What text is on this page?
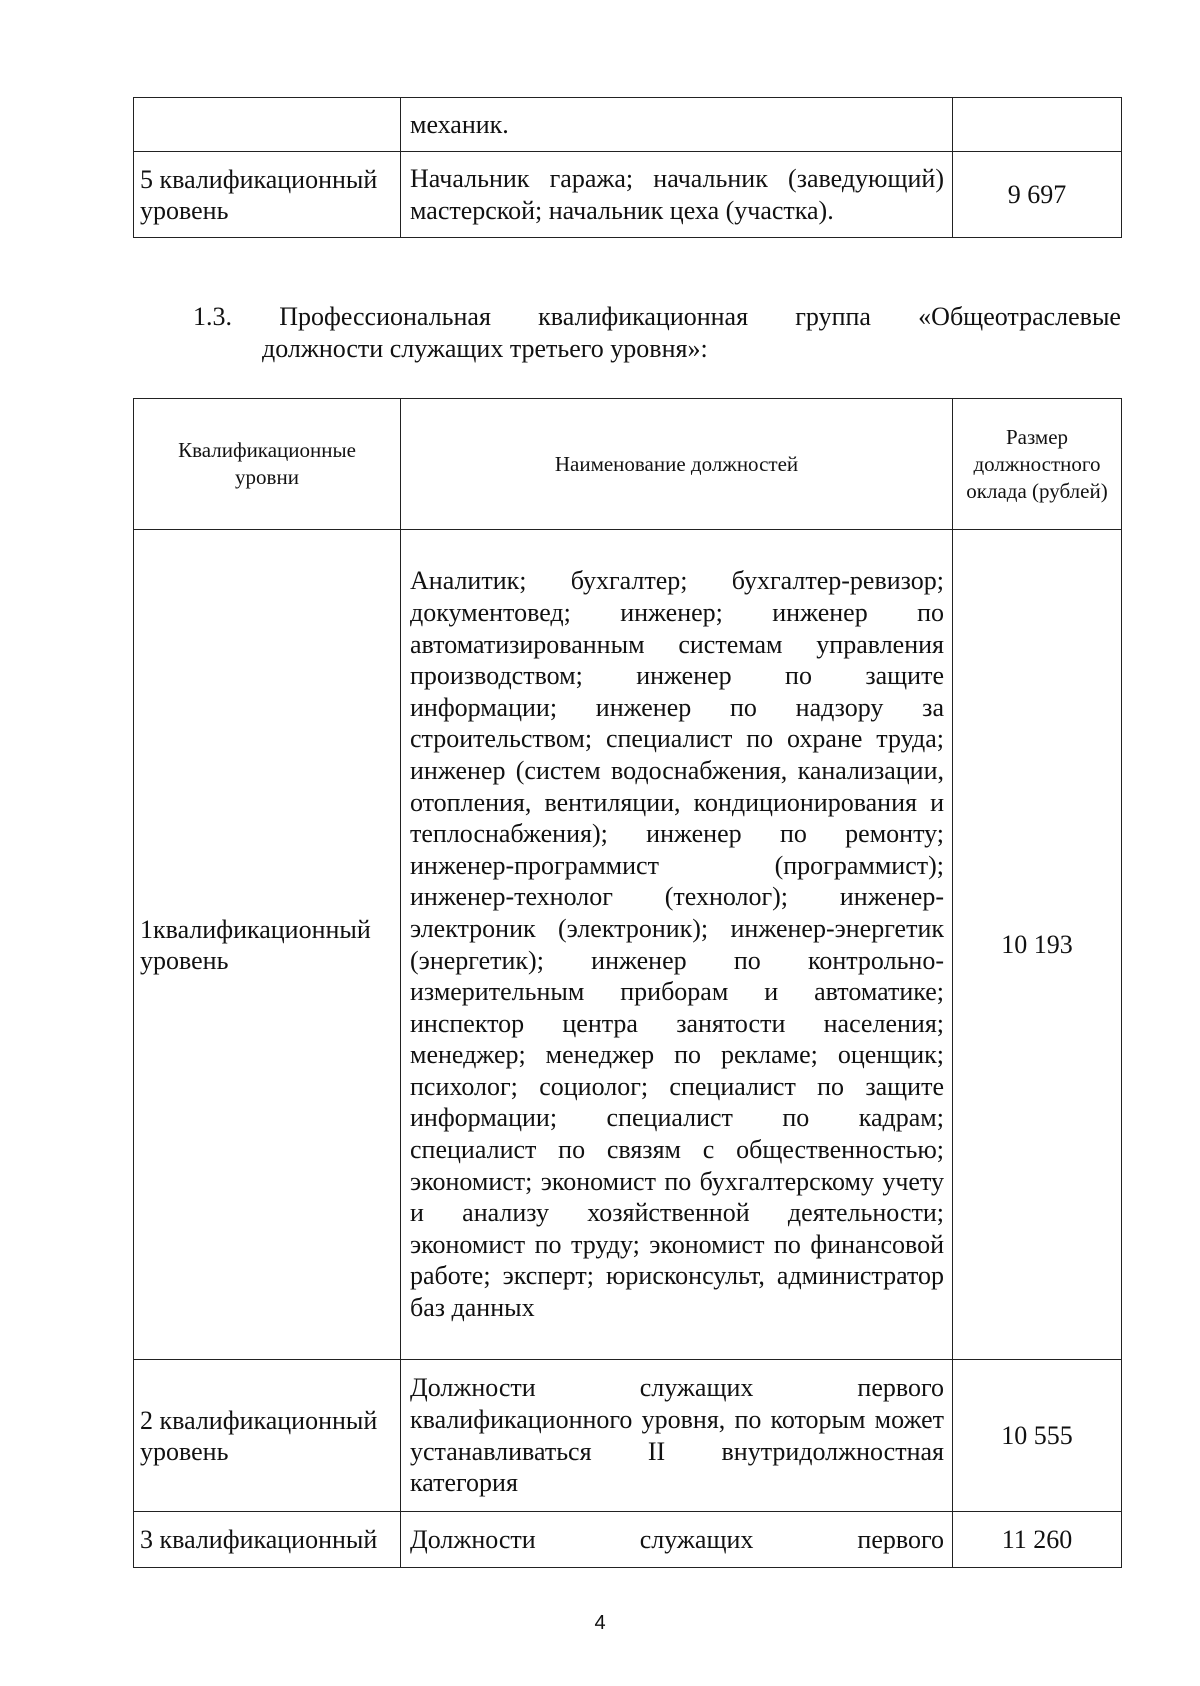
	механик.	
5 квалификационный уровень	Начальник гаража; начальник (заведующий) мастерской; начальник цеха (участка).	9 697
1.3. Профессиональная квалификационная группа «Общеотраслевые
должности служащих третьего уровня»:
Квалификационные уровни	Наименование должностей	Размер должностного оклада (рублей)
1квалификационный уровень	Аналитик; бухгалтер; бухгалтер-ревизор; документовед; инженер; инженер по автоматизированным системам управления производством; инженер по защите информации; инженер по надзору за строительством; специалист по охране труда; инженер (систем водоснабжения, канализации, отопления, вентиляции, кондиционирования и теплоснабжения); инженер по ремонту; инженер-программист (программист); инженер-технолог (технолог); инженер-электроник (электроник); инженер-энергетик (энергетик); инженер по контрольно-измерительным приборам и автоматике; инспектор центра занятости населения; менеджер; менеджер по рекламе; оценщик; психолог; социолог; специалист по защите информации; специалист по кадрам; специалист по связям с общественностью; экономист; экономист по бухгалтерскому учету и анализу хозяйственной деятельности; экономист по труду; экономист по финансовой работе; эксперт; юрисконсульт, администратор баз данных	10 193
2 квалификационный уровень	Должности служащих первого квалификационного уровня, по которым может устанавливаться II внутридолжностная категория	10 555
3 квалификационный	Должности служащих первого	11 260
4
